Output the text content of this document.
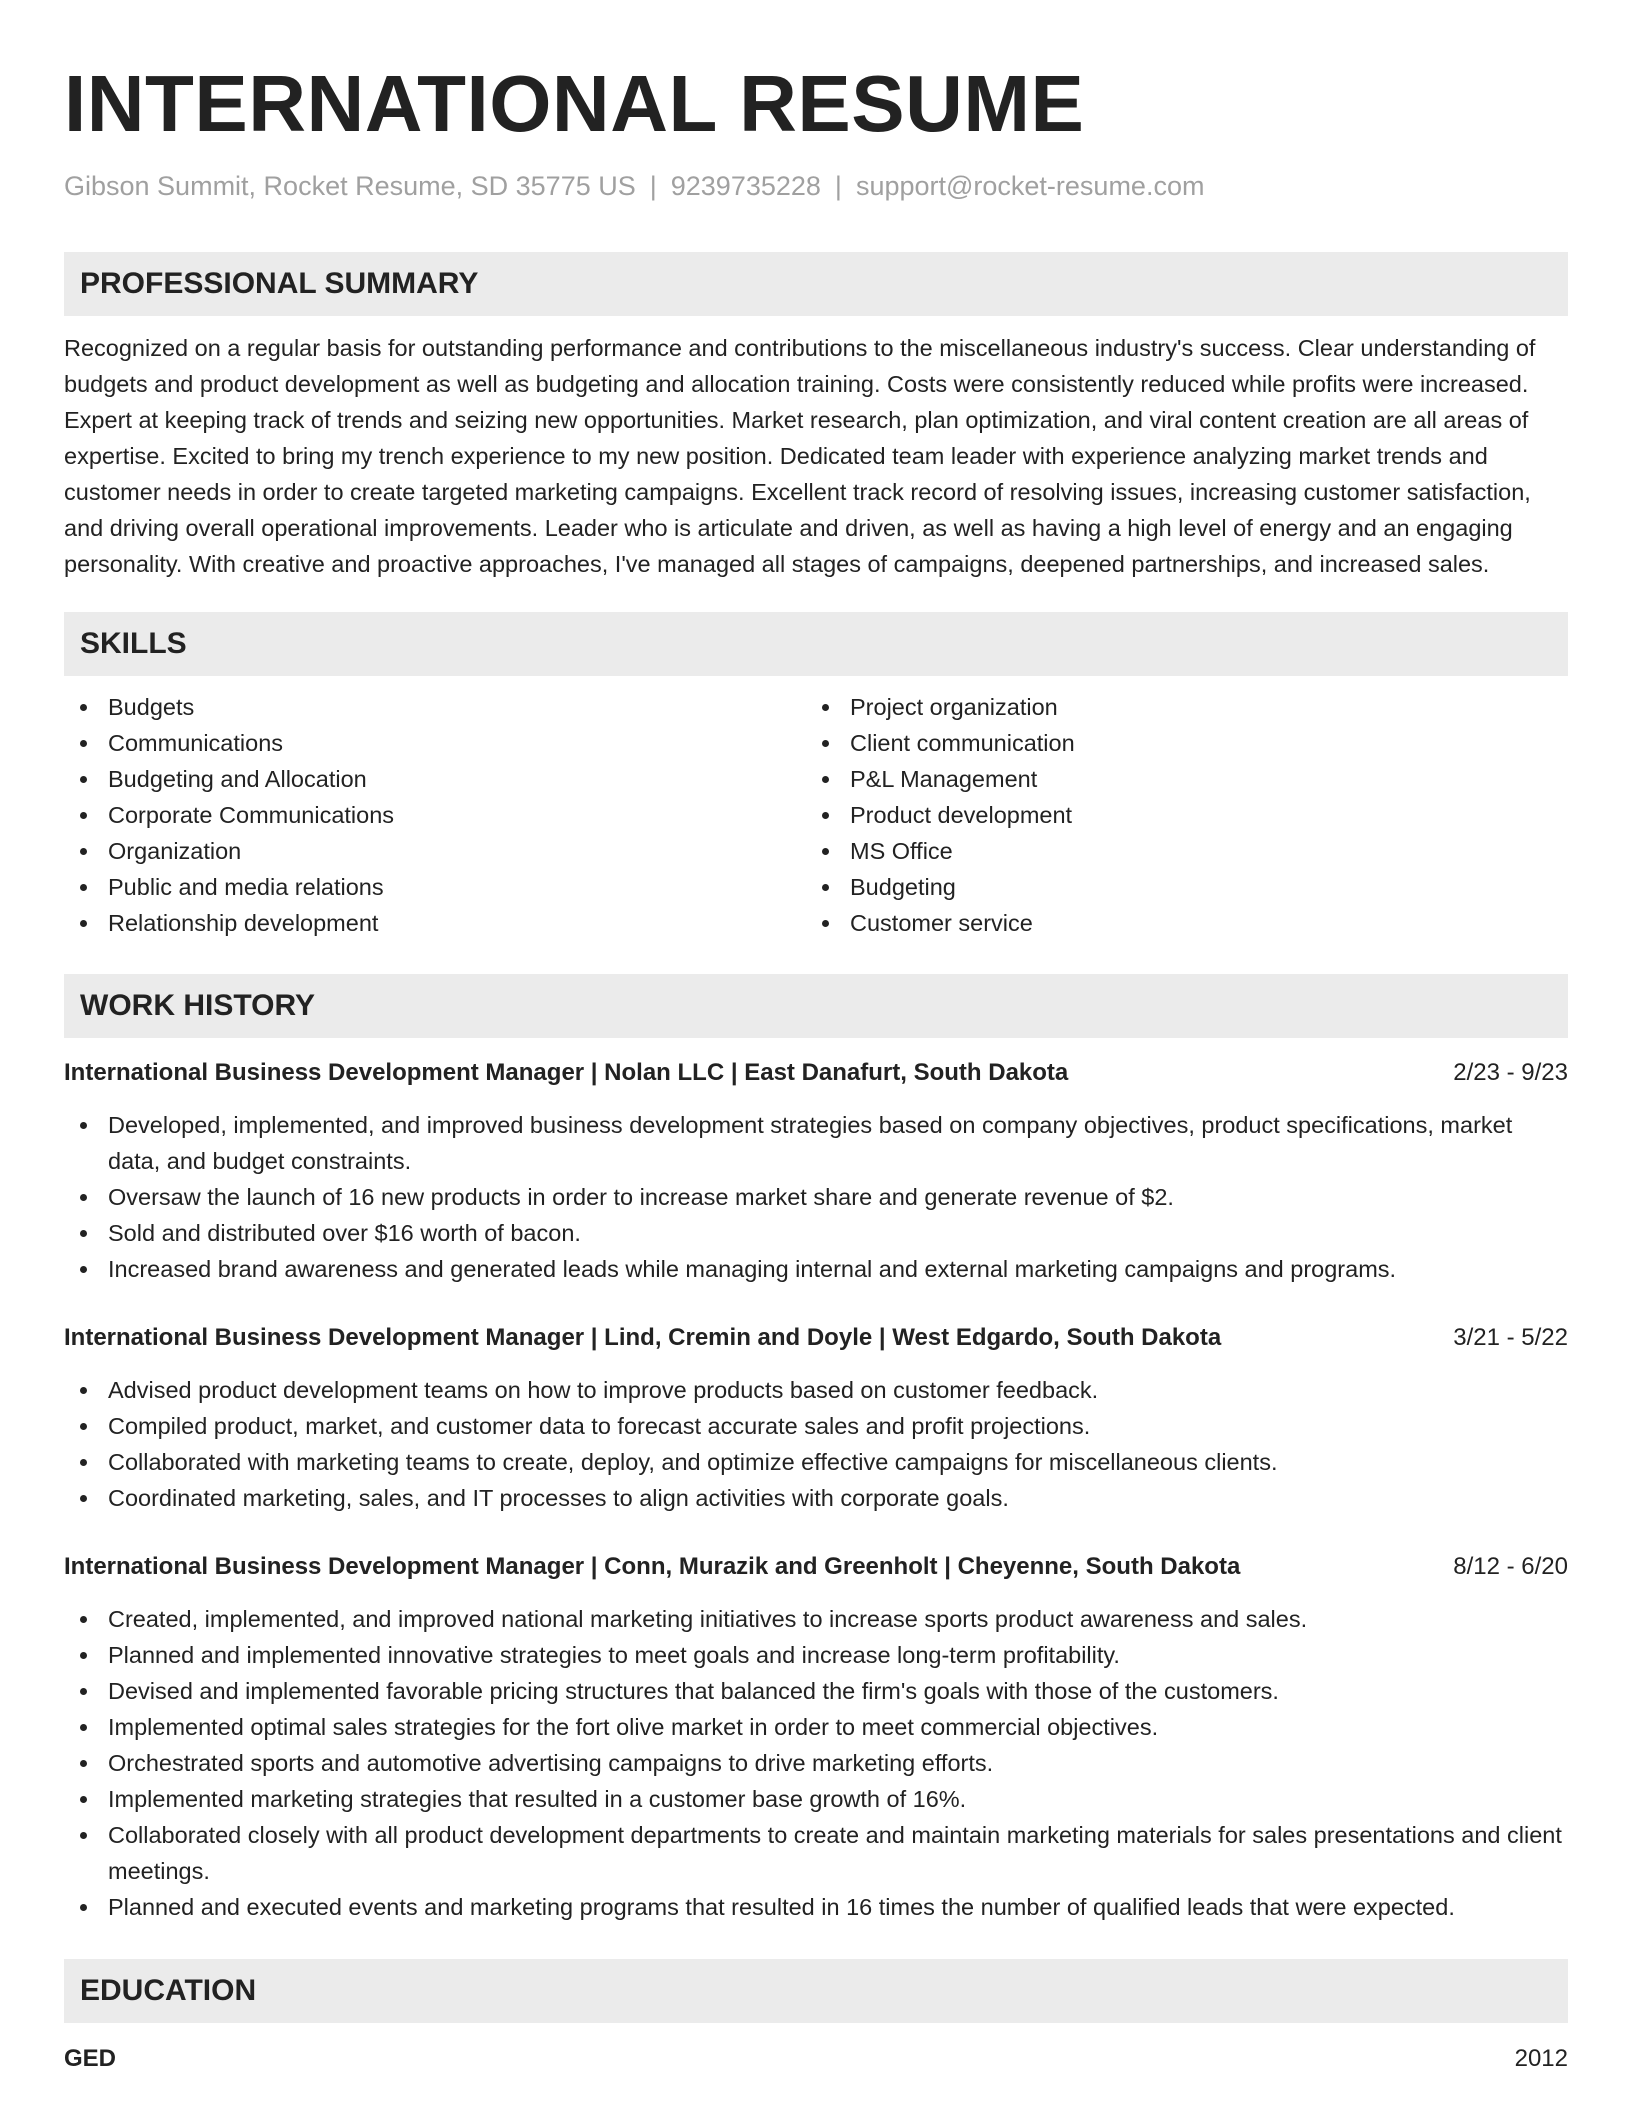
INTERNATIONAL RESUME
Gibson Summit, Rocket Resume, SD 35775 US | 9239735228 | support@rocket-resume.com
PROFESSIONAL SUMMARY

Recognized on a regular basis for outstanding performance and contributions to the miscellaneous industry's success. Clear understanding of budgets and product development as well as budgeting and allocation training. Costs were consistently reduced while profits were increased. Expert at keeping track of trends and seizing new opportunities. Market research, plan optimization, and viral content creation are all areas of expertise. Excited to bring my trench experience to my new position. Dedicated team leader with experience analyzing market trends and customer needs in order to create targeted marketing campaigns. Excellent track record of resolving issues, increasing customer satisfaction, and driving overall operational improvements. Leader who is articulate and driven, as well as having a high level of energy and an engaging personality. With creative and proactive approaches, I've managed all stages of campaigns, deepened partnerships, and increased sales.

SKILLS
Budgets
Communications
Budgeting and Allocation
Corporate Communications
Organization
Public and media relations
Relationship development
Project organization
Client communication
P&L Management
Product development
MS Office
Budgeting
Customer service
WORK HISTORY
International Business Development Manager | Nolan LLC | East Danafurt, South Dakota	2/23 - 9/23
Developed, implemented, and improved business development strategies based on company objectives, product specifications, market data, and budget constraints.
Oversaw the launch of 16 new products in order to increase market share and generate revenue of $2.
Sold and distributed over $16 worth of bacon.
Increased brand awareness and generated leads while managing internal and external marketing campaigns and programs.
International Business Development Manager | Lind, Cremin and Doyle | West Edgardo, South Dakota	3/21 - 5/22
Advised product development teams on how to improve products based on customer feedback.
Compiled product, market, and customer data to forecast accurate sales and profit projections.
Collaborated with marketing teams to create, deploy, and optimize effective campaigns for miscellaneous clients.
Coordinated marketing, sales, and IT processes to align activities with corporate goals.
International Business Development Manager | Conn, Murazik and Greenholt | Cheyenne, South Dakota	8/12 - 6/20
Created, implemented, and improved national marketing initiatives to increase sports product awareness and sales.
Planned and implemented innovative strategies to meet goals and increase long-term profitability.
Devised and implemented favorable pricing structures that balanced the firm's goals with those of the customers.
Implemented optimal sales strategies for the fort olive market in order to meet commercial objectives.
Orchestrated sports and automotive advertising campaigns to drive marketing efforts.
Implemented marketing strategies that resulted in a customer base growth of 16%.
Collaborated closely with all product development departments to create and maintain marketing materials for sales presentations and client meetings.
Planned and executed events and marketing programs that resulted in 16 times the number of qualified leads that were expected.
EDUCATION
GED	2012
